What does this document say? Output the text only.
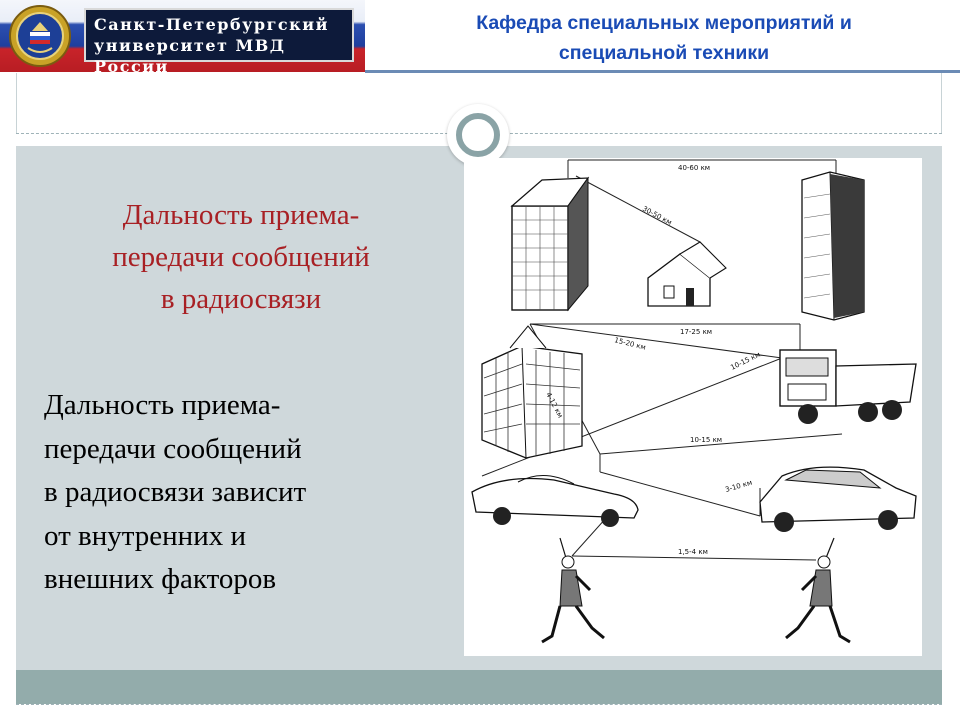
Санкт-Петербургский
университет МВД России
Кафедра специальных мероприятий и
специальной техники
Дальность приема-
передачи сообщений
в радиосвязи
Дальность приема-
передачи сообщений
в радиосвязи зависит
от внутренних и
внешних факторов
40-60 км
30-50 км
17-25 км
15-20 км
10-15 км
4-12 км
10-15 км
3-10 км
1,5-4 км
